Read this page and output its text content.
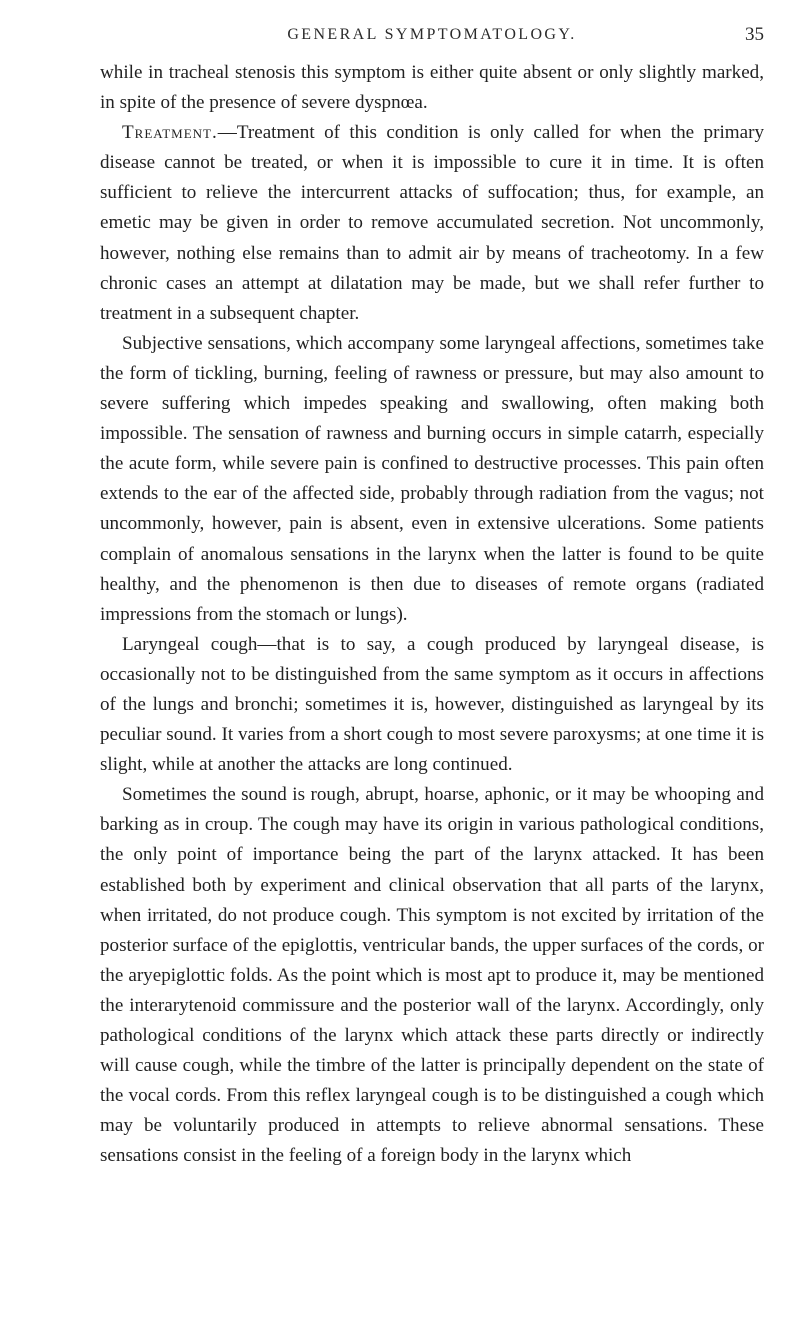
GENERAL SYMPTOMATOLOGY.	35

while in tracheal stenosis this symptom is either quite absent or only slightly marked, in spite of the presence of severe dyspnœa.

Treatment.—Treatment of this condition is only called for when the primary disease cannot be treated, or when it is impossible to cure it in time. It is often sufficient to relieve the intercurrent attacks of suffocation; thus, for example, an emetic may be given in order to remove accumulated secretion. Not uncommonly, however, nothing else remains than to admit air by means of tracheotomy. In a few chronic cases an attempt at dilatation may be made, but we shall refer further to treatment in a subsequent chapter.

Subjective sensations, which accompany some laryngeal affections, sometimes take the form of tickling, burning, feeling of rawness or pressure, but may also amount to severe suffering which impedes speaking and swallowing, often making both impossible. The sensation of rawness and burning occurs in simple catarrh, especially the acute form, while severe pain is confined to destructive processes. This pain often extends to the ear of the affected side, probably through radiation from the vagus; not uncommonly, however, pain is absent, even in extensive ulcerations. Some patients complain of anomalous sensations in the larynx when the latter is found to be quite healthy, and the phenomenon is then due to diseases of remote organs (radiated impressions from the stomach or lungs).

Laryngeal cough—that is to say, a cough produced by laryngeal disease, is occasionally not to be distinguished from the same symptom as it occurs in affections of the lungs and bronchi; sometimes it is, however, distinguished as laryngeal by its peculiar sound. It varies from a short cough to most severe paroxysms; at one time it is slight, while at another the attacks are long continued.

Sometimes the sound is rough, abrupt, hoarse, aphonic, or it may be whooping and barking as in croup. The cough may have its origin in various pathological conditions, the only point of importance being the part of the larynx attacked. It has been established both by experiment and clinical observation that all parts of the larynx, when irritated, do not produce cough. This symptom is not excited by irritation of the posterior surface of the epiglottis, ventricular bands, the upper surfaces of the cords, or the aryepiglottic folds. As the point which is most apt to produce it, may be mentioned the interarytenoid commissure and the posterior wall of the larynx. Accordingly, only pathological conditions of the larynx which attack these parts directly or indirectly will cause cough, while the timbre of the latter is principally dependent on the state of the vocal cords. From this reflex laryngeal cough is to be distinguished a cough which may be voluntarily produced in attempts to relieve abnormal sensations. These sensations consist in the feeling of a foreign body in the larynx which
